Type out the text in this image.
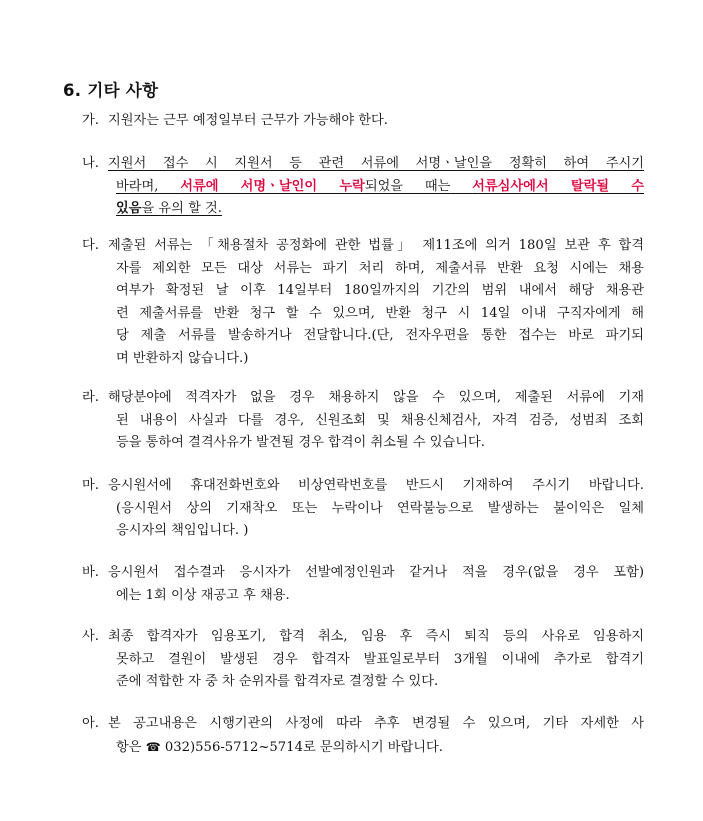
6. 기타 사항
가. 지원자는 근무 예정일부터 근무가 가능해야 한다.
나. 지원서 접수 시 지원서 등 관련 서류에 서명ㆍ날인을 정확히 하여 주시기
바라며, 서류에 서명ㆍ날인이 누락되었을 때는 서류심사에서 탈락될 수
있음을 유의 할 것.
다. 제출된 서류는 「채용절차 공정화에 관한 법률」 제11조에 의거 180일 보관 후 합격
자를 제외한 모든 대상 서류는 파기 처리 하며, 제출서류 반환 요청 시에는 채용
여부가 확정된 날 이후 14일부터 180일까지의 기간의 범위 내에서 해당 채용관
련 제출서류를 반환 청구 할 수 있으며, 반환 청구 시 14일 이내 구직자에게 해
당 제출 서류를 발송하거나 전달합니다.(단, 전자우편을 통한 접수는 바로 파기되
며 반환하지 않습니다.)
라. 해당분야에 적격자가 없을 경우 채용하지 않을 수 있으며, 제출된 서류에 기재
된 내용이 사실과 다를 경우, 신원조회 및 채용신체검사, 자격 검증, 성범죄 조회
등을 통하여 결격사유가 발견될 경우 합격이 취소될 수 있습니다.
마. 응시원서에 휴대전화번호와 비상연락번호를 반드시 기재하여 주시기 바랍니다.
(응시원서 상의 기재착오 또는 누락이나 연락불능으로 발생하는 불이익은 일체
응시자의 책임입니다. )
바. 응시원서 접수결과 응시자가 선발예정인원과 같거나 적을 경우(없을 경우 포함)
에는 1회 이상 재공고 후 채용.
사. 최종 합격자가 임용포기, 합격 취소, 임용 후 즉시 퇴직 등의 사유로 임용하지
못하고 결원이 발생된 경우 합격자 발표일로부터 3개월 이내에 추가로 합격기
준에 적합한 자 중 차 순위자를 합격자로 결정할 수 있다.
아. 본 공고내용은 시행기관의 사정에 따라 추후 변경될 수 있으며, 기타 자세한 사
항은 ☎ 032)556-5712~5714로 문의하시기 바랍니다.
